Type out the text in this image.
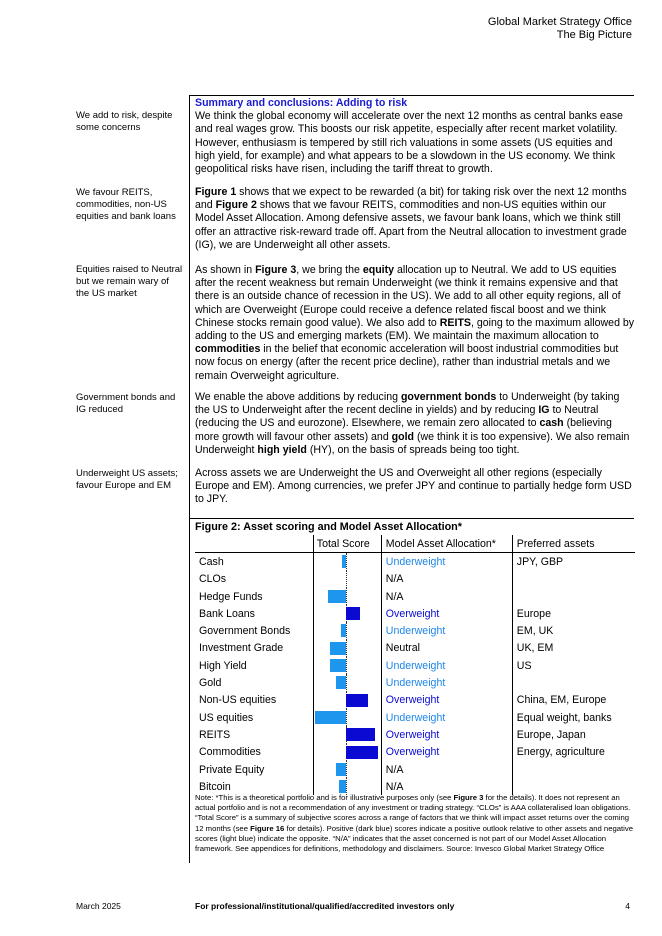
Global Market Strategy Office
The Big Picture
We add to risk, despite some concerns
We favour REITS, commodities, non-US equities and bank loans
Equities raised to Neutral but we remain wary of the US market
Government bonds and IG reduced
Underweight US assets; favour Europe and EM
Summary and conclusions: Adding to risk
We think the global economy will accelerate over the next 12 months as central banks ease and real wages grow. This boosts our risk appetite, especially after recent market volatility. However, enthusiasm is tempered by still rich valuations in some assets (US equities and high yield, for example) and what appears to be a slowdown in the US economy. We think geopolitical risks have risen, including the tariff threat to growth.
Figure 1 shows that we expect to be rewarded (a bit) for taking risk over the next 12 months and Figure 2 shows that we favour REITS, commodities and non-US equities within our Model Asset Allocation. Among defensive assets, we favour bank loans, which we think still offer an attractive risk-reward trade off. Apart from the Neutral allocation to investment grade (IG), we are Underweight all other assets.
As shown in Figure 3, we bring the equity allocation up to Neutral. We add to US equities after the recent weakness but remain Underweight (we think it remains expensive and that there is an outside chance of recession in the US). We add to all other equity regions, all of which are Overweight (Europe could receive a defence related fiscal boost and we think Chinese stocks remain good value). We also add to REITS, going to the maximum allowed by adding to the US and emerging markets (EM). We maintain the maximum allocation to commodities in the belief that economic acceleration will boost industrial commodities but now focus on energy (after the recent price decline), rather than industrial metals and we remain Overweight agriculture.
We enable the above additions by reducing government bonds to Underweight (by taking the US to Underweight after the recent decline in yields) and by reducing IG to Neutral (reducing the US and eurozone). Elsewhere, we remain zero allocated to cash (believing more growth will favour other assets) and gold (we think it is too expensive). We also remain Underweight high yield (HY), on the basis of spreads being too tight.
Across assets we are Underweight the US and Overweight all other regions (especially Europe and EM). Among currencies, we prefer JPY and continue to partially hedge form USD to JPY.
Figure 2: Asset scoring and Model Asset Allocation*
	Total Score	Model Asset Allocation*	Preferred assets
Cash		Underweight	JPY, GBP
CLOs		N/A	
Hedge Funds		N/A	
Bank Loans		Overweight	Europe
Government Bonds		Underweight	EM, UK
Investment Grade		Neutral	UK, EM
High Yield		Underweight	US
Gold		Underweight	
Non-US equities		Overweight	China, EM, Europe
US equities		Underweight	Equal weight, banks
REITS		Overweight	Europe, Japan
Commodities		Overweight	Energy, agriculture
Private Equity		N/A	
Bitcoin		N/A	
Note: *This is a theoretical portfolio and is for illustrative purposes only (see Figure 3 for the details). It does not represent an actual portfolio and is not a recommendation of any investment or trading strategy. “CLOs” is AAA collateralised loan obligations. “Total Score” is a summary of subjective scores across a range of factors that we think will impact asset returns over the coming 12 months (see Figure 16 for details). Positive (dark blue) scores indicate a positive outlook relative to other assets and negative scores (light blue) indicate the opposite. “N/A” indicates that the asset concerned is not part of our Model Asset Allocation framework. See appendices for definitions, methodology and disclaimers. Source: Invesco Global Market Strategy Office
March 2025	For professional/institutional/qualified/accredited investors only	4
